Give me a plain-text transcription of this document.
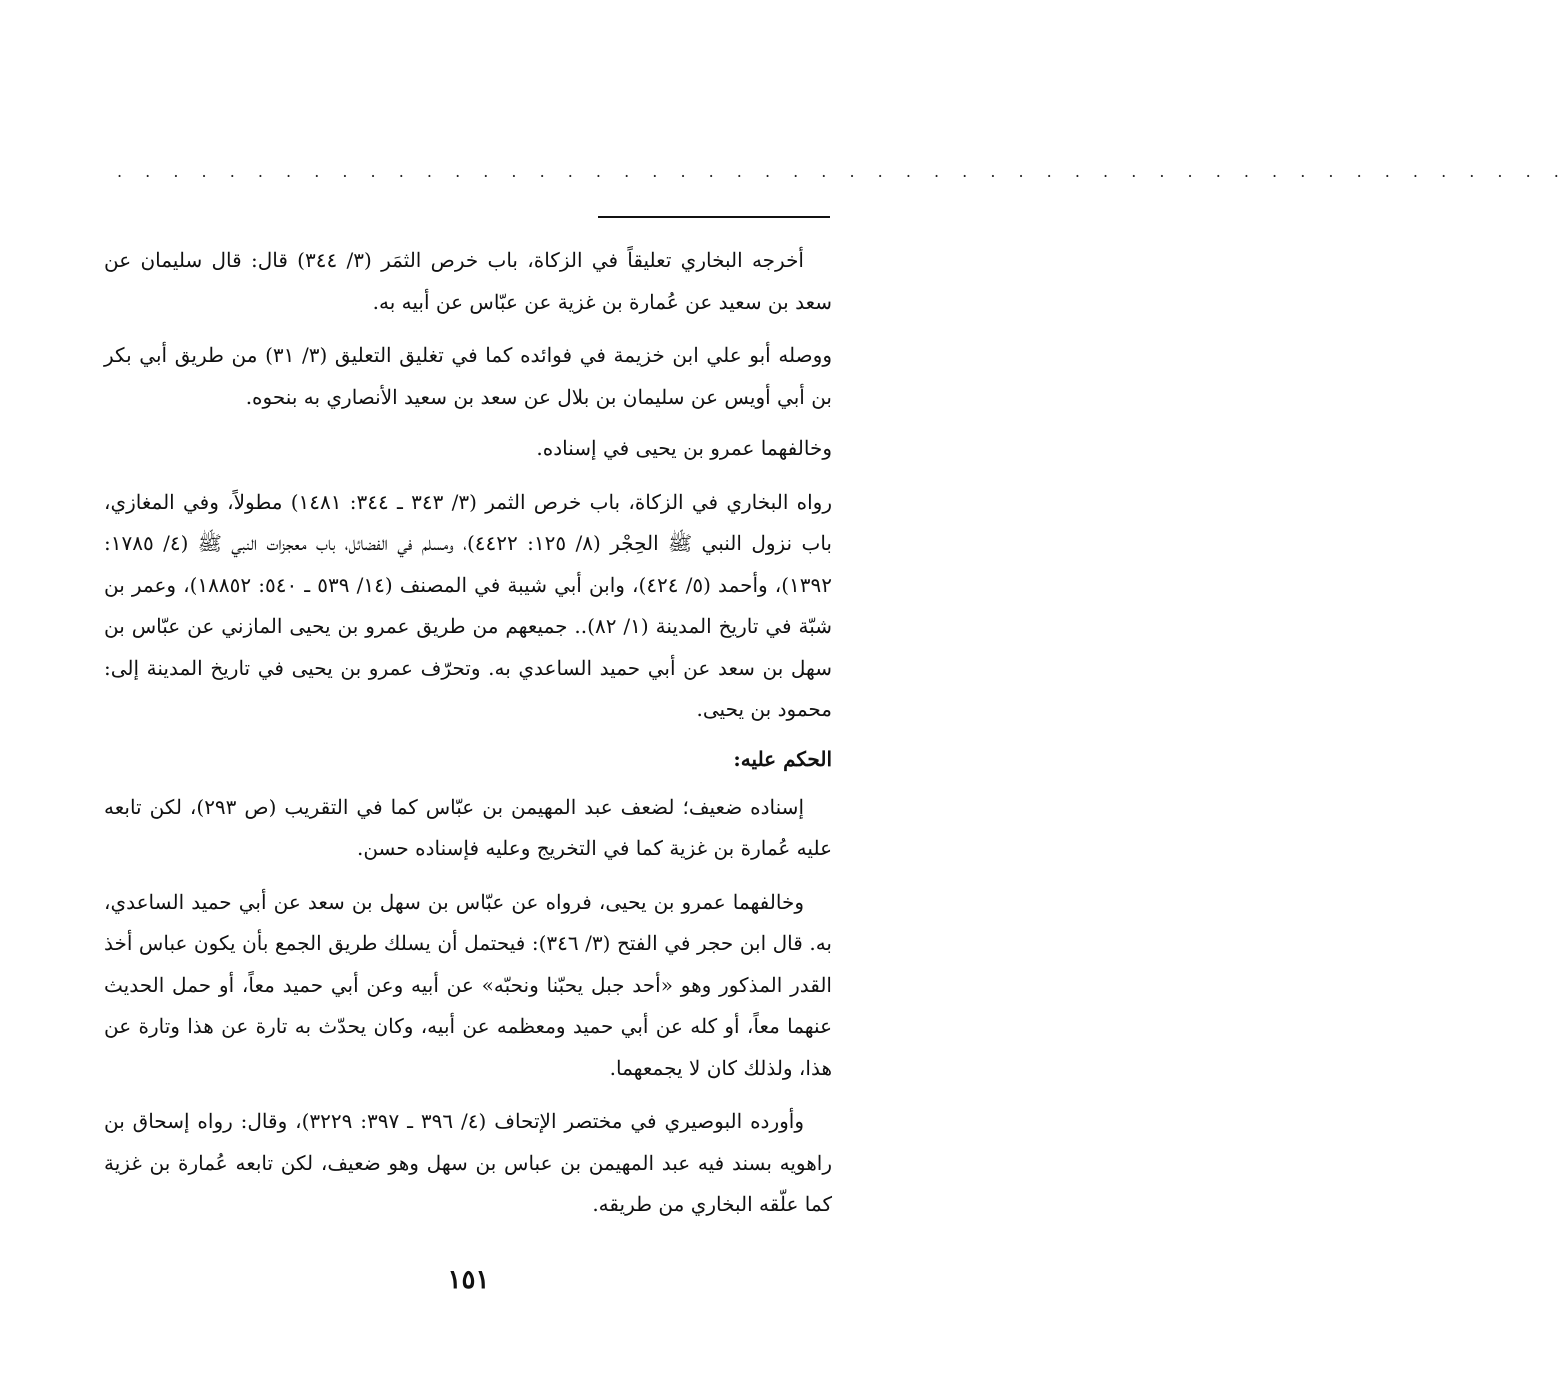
. . . . . . . . . . . . . . . . . . . . . . . . . . . . . . . . . . . . . . . . . . . . . . . . . . . .

أخرجه البخاري تعليقاً في الزكاة، باب خرص الثمَر (٣/ ٣٤٤) قال: قال سليمان عن سعد بن سعيد عن عُمارة بن غزية عن عبّاس عن أبيه به.

ووصله أبو علي ابن خزيمة في فوائده كما في تغليق التعليق (٣/ ٣١) من طريق أبي بكر بن أبي أويس عن سليمان بن بلال عن سعد بن سعيد الأنصاري به بنحوه.

وخالفهما عمرو بن يحيى في إسناده.

رواه البخاري في الزكاة، باب خرص الثمر (٣/ ٣٤٣ ـ ٣٤٤: ١٤٨١) مطولاً، وفي المغازي، باب نزول النبي ﷺ الحِجْر (٨/ ١٢٥: ٤٤٢٢)، ومسلم في الفضائل، باب معجزات النبي ﷺ (٤/ ١٧٨٥: ١٣٩٢)، وأحمد (٥/ ٤٢٤)، وابن أبي شيبة في المصنف (١٤/ ٥٣٩ ـ ٥٤٠: ١٨٨٥٢)، وعمر بن شبّة في تاريخ المدينة (١/ ٨٢).. جميعهم من طريق عمرو بن يحيى المازني عن عبّاس بن سهل بن سعد عن أبي حميد الساعدي به. وتحرّف عمرو بن يحيى في تاريخ المدينة إلى: محمود بن يحيى.

الحكم عليه:

إسناده ضعيف؛ لضعف عبد المهيمن بن عبّاس كما في التقريب (ص ٢٩٣)، لكن تابعه عليه عُمارة بن غزية كما في التخريج وعليه فإسناده حسن.

وخالفهما عمرو بن يحيى، فرواه عن عبّاس بن سهل بن سعد عن أبي حميد الساعدي، به. قال ابن حجر في الفتح (٣/ ٣٤٦): فيحتمل أن يسلك طريق الجمع بأن يكون عباس أخذ القدر المذكور وهو «أحد جبل يحبّنا ونحبّه» عن أبيه وعن أبي حميد معاً، أو حمل الحديث عنهما معاً، أو كله عن أبي حميد ومعظمه عن أبيه، وكان يحدّث به تارة عن هذا وتارة عن هذا، ولذلك كان لا يجمعهما.

وأورده البوصيري في مختصر الإتحاف (٤/ ٣٩٦ ـ ٣٩٧: ٣٢٢٩)، وقال: رواه إسحاق بن راهويه بسند فيه عبد المهيمن بن عباس بن سهل وهو ضعيف، لكن تابعه عُمارة بن غزية كما علّقه البخاري من طريقه.

١٥١
